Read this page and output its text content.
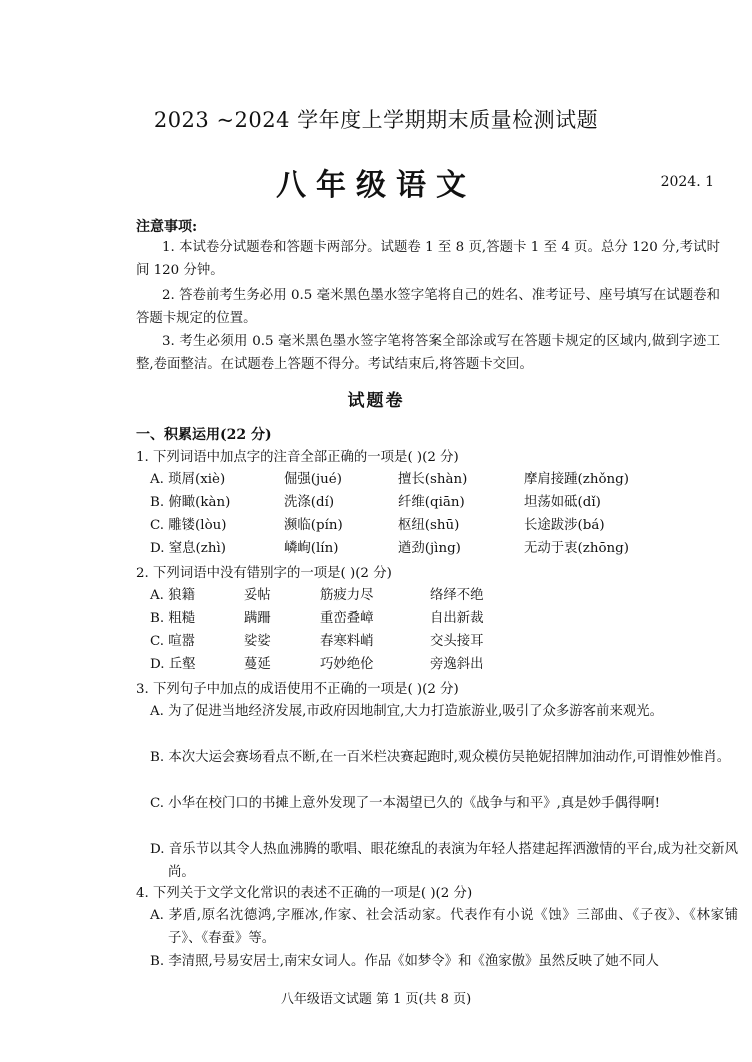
2023 ~2024 学年度上学期期末质量检测试题
八年级语文	2024. 1
注意事项:
1. 本试卷分试题卷和答题卡两部分。试题卷 1 至 8 页,答题卡 1 至 4 页。总分 120 分,考试时间 120 分钟。
2. 答卷前考生务必用 0.5 毫米黑色墨水签字笔将自己的姓名、准考证号、座号填写在试题卷和答题卡规定的位置。
3. 考生必须用 0.5 毫米黑色墨水签字笔将答案全部涂或写在答题卡规定的区域内,做到字迹工整,卷面整洁。在试题卷上答题不得分。考试结束后,将答题卡交回。
试题卷
一、积累运用(22 分)
1. 下列词语中加点字的注音全部正确的一项是( )(2 分)
A. 琐屑(xiè)	倔强(jué)	擅长(shàn)	摩肩接踵(zhǒng)
B. 俯瞰(kàn)	洗涤(dí)	纤维(qiān)	坦荡如砥(dǐ)
C. 雕镂(lòu)	濒临(pín)	枢纽(shū)	长途跋涉(bá)
D. 窒息(zhì)	嶙峋(lín)	遒劲(jìng)	无动于衷(zhōng)
2. 下列词语中没有错别字的一项是( )(2 分)
A. 狼籍	妥帖	筋疲力尽	络绎不绝
B. 粗糙	蹒跚	重峦叠嶂	自出新裁
C. 喧嚣	娑娑	春寒料峭	交头接耳
D. 丘壑	蔓延	巧妙绝伦	旁逸斜出
3. 下列句子中加点的成语使用不正确的一项是( )(2 分)
A. 为了促进当地经济发展,市政府因地制宜,大力打造旅游业,吸引了众多游客前来观光。
B. 本次大运会赛场看点不断,在一百米栏决赛起跑时,观众模仿吴艳妮招牌加油动作,可谓惟妙惟肖。
C. 小华在校门口的书摊上意外发现了一本渴望已久的《战争与和平》,真是妙手偶得啊!
D. 音乐节以其令人热血沸腾的歌唱、眼花缭乱的表演为年轻人搭建起挥洒激情的平台,成为社交新风尚。
4. 下列关于文学文化常识的表述不正确的一项是( )(2 分)
A. 茅盾,原名沈德鸿,字雁冰,作家、社会活动家。代表作有小说《蚀》三部曲、《子夜》、《林家铺子》、《春蚕》等。
B. 李清照,号易安居士,南宋女词人。作品《如梦令》和《渔家傲》虽然反映了她不同人
八年级语文试题 第 1 页(共 8 页)
